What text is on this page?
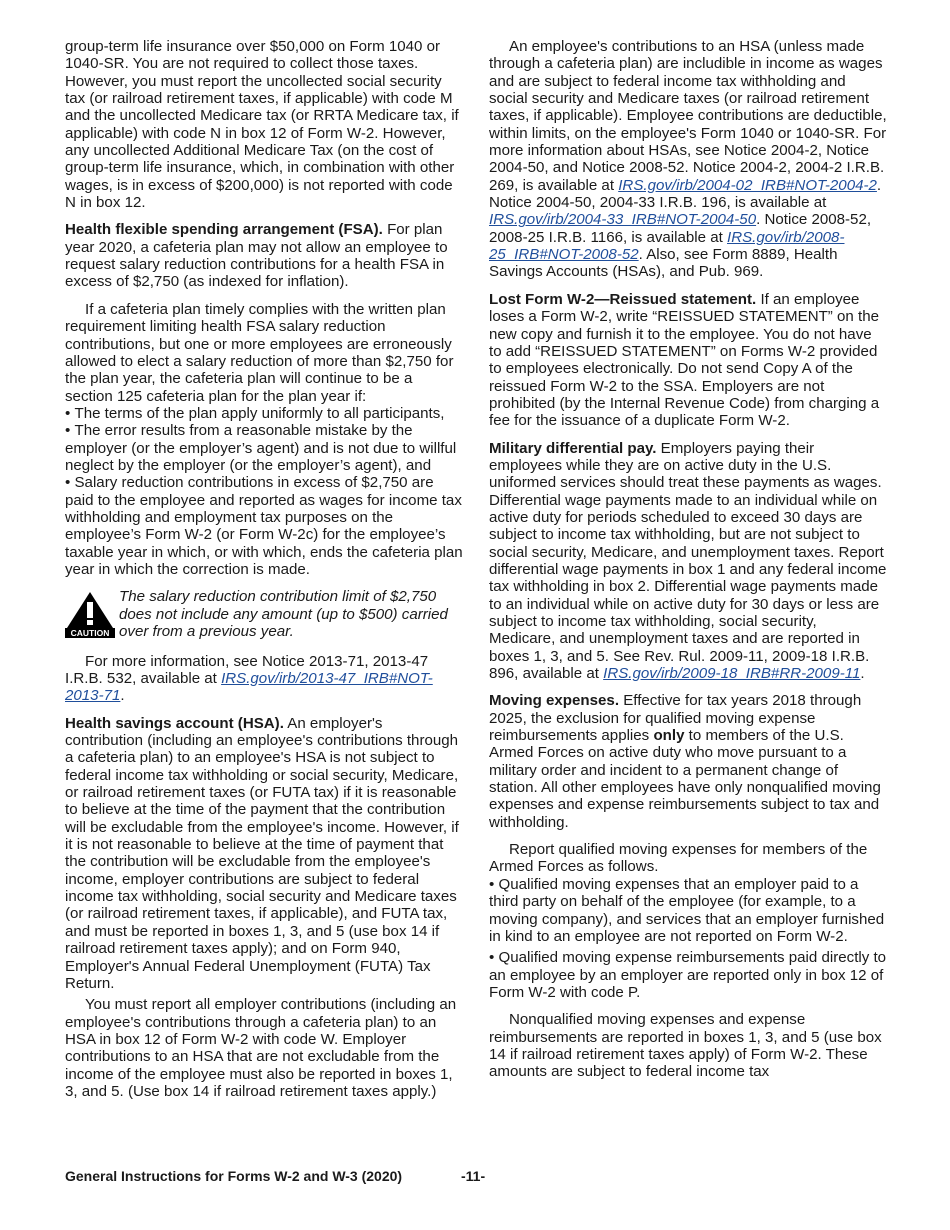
group-term life insurance over $50,000 on Form 1040 or 1040-SR. You are not required to collect those taxes. However, you must report the uncollected social security tax (or railroad retirement taxes, if applicable) with code M and the uncollected Medicare tax (or RRTA Medicare tax, if applicable) with code N in box 12 of Form W-2. However, any uncollected Additional Medicare Tax (on the cost of group-term life insurance, which, in combination with other wages, is in excess of $200,000) is not reported with code N in box 12.

Health flexible spending arrangement (FSA). For plan year 2020, a cafeteria plan may not allow an employee to request salary reduction contributions for a health FSA in excess of $2,750 (as indexed for inflation).

If a cafeteria plan timely complies with the written plan requirement limiting health FSA salary reduction contributions, but one or more employees are erroneously allowed to elect a salary reduction of more than $2,750 for the plan year, the cafeteria plan will continue to be a section 125 cafeteria plan for the plan year if:

• The terms of the plan apply uniformly to all participants,

• The error results from a reasonable mistake by the employer (or the employer’s agent) and is not due to willful neglect by the employer (or the employer’s agent), and

• Salary reduction contributions in excess of $2,750 are paid to the employee and reported as wages for income tax withholding and employment tax purposes on the employee’s Form W-2 (or Form W-2c) for the employee’s taxable year in which, or with which, ends the cafeteria plan year in which the correction is made.

CAUTION
The salary reduction contribution limit of $2,750 does not include any amount (up to $500) carried over from a previous year.

For more information, see Notice 2013-71, 2013-47 I.R.B. 532, available at IRS.gov/irb/2013-47_IRB#NOT-2013-71.

Health savings account (HSA). An employer's contribution (including an employee's contributions through a cafeteria plan) to an employee's HSA is not subject to federal income tax withholding or social security, Medicare, or railroad retirement taxes (or FUTA tax) if it is reasonable to believe at the time of the payment that the contribution will be excludable from the employee's income. However, if it is not reasonable to believe at the time of payment that the contribution will be excludable from the employee's income, employer contributions are subject to federal income tax withholding, social security and Medicare taxes (or railroad retirement taxes, if applicable), and FUTA tax, and must be reported in boxes 1, 3, and 5 (use box 14 if railroad retirement taxes apply); and on Form 940, Employer's Annual Federal Unemployment (FUTA) Tax Return.

You must report all employer contributions (including an employee's contributions through a cafeteria plan) to an HSA in box 12 of Form W-2 with code W. Employer contributions to an HSA that are not excludable from the income of the employee must also be reported in boxes 1, 3, and 5. (Use box 14 if railroad retirement taxes apply.)

An employee's contributions to an HSA (unless made through a cafeteria plan) are includible in income as wages and are subject to federal income tax withholding and social security and Medicare taxes (or railroad retirement taxes, if applicable). Employee contributions are deductible, within limits, on the employee's Form 1040 or 1040-SR. For more information about HSAs, see Notice 2004-2, Notice 2004-50, and Notice 2008-52. Notice 2004-2, 2004-2 I.R.B. 269, is available at IRS.gov/irb/2004-02_IRB#NOT-2004-2. Notice 2004-50, 2004-33 I.R.B. 196, is available at IRS.gov/irb/2004-33_IRB#NOT-2004-50. Notice 2008-52, 2008-25 I.R.B. 1166, is available at IRS.gov/irb/2008-25_IRB#NOT-2008-52. Also, see Form 8889, Health Savings Accounts (HSAs), and Pub. 969.

Lost Form W-2—Reissued statement. If an employee loses a Form W-2, write “REISSUED STATEMENT” on the new copy and furnish it to the employee. You do not have to add “REISSUED STATEMENT” on Forms W-2 provided to employees electronically. Do not send Copy A of the reissued Form W-2 to the SSA. Employers are not prohibited (by the Internal Revenue Code) from charging a fee for the issuance of a duplicate Form W-2.

Military differential pay. Employers paying their employees while they are on active duty in the U.S. uniformed services should treat these payments as wages. Differential wage payments made to an individual while on active duty for periods scheduled to exceed 30 days are subject to income tax withholding, but are not subject to social security, Medicare, and unemployment taxes. Report differential wage payments in box 1 and any federal income tax withholding in box 2. Differential wage payments made to an individual while on active duty for 30 days or less are subject to income tax withholding, social security, Medicare, and unemployment taxes and are reported in boxes 1, 3, and 5. See Rev. Rul. 2009-11, 2009-18 I.R.B. 896, available at IRS.gov/irb/2009-18_IRB#RR-2009-11.

Moving expenses. Effective for tax years 2018 through 2025, the exclusion for qualified moving expense reimbursements applies only to members of the U.S. Armed Forces on active duty who move pursuant to a military order and incident to a permanent change of station. All other employees have only nonqualified moving expenses and expense reimbursements subject to tax and withholding.

Report qualified moving expenses for members of the Armed Forces as follows.

• Qualified moving expenses that an employer paid to a third party on behalf of the employee (for example, to a moving company), and services that an employer furnished in kind to an employee are not reported on Form W-2.

• Qualified moving expense reimbursements paid directly to an employee by an employer are reported only in box 12 of Form W-2 with code P.

Nonqualified moving expenses and expense reimbursements are reported in boxes 1, 3, and 5 (use box 14 if railroad retirement taxes apply) of Form W-2. These amounts are subject to federal income tax

General Instructions for Forms W-2 and W-3 (2020)	-11-
